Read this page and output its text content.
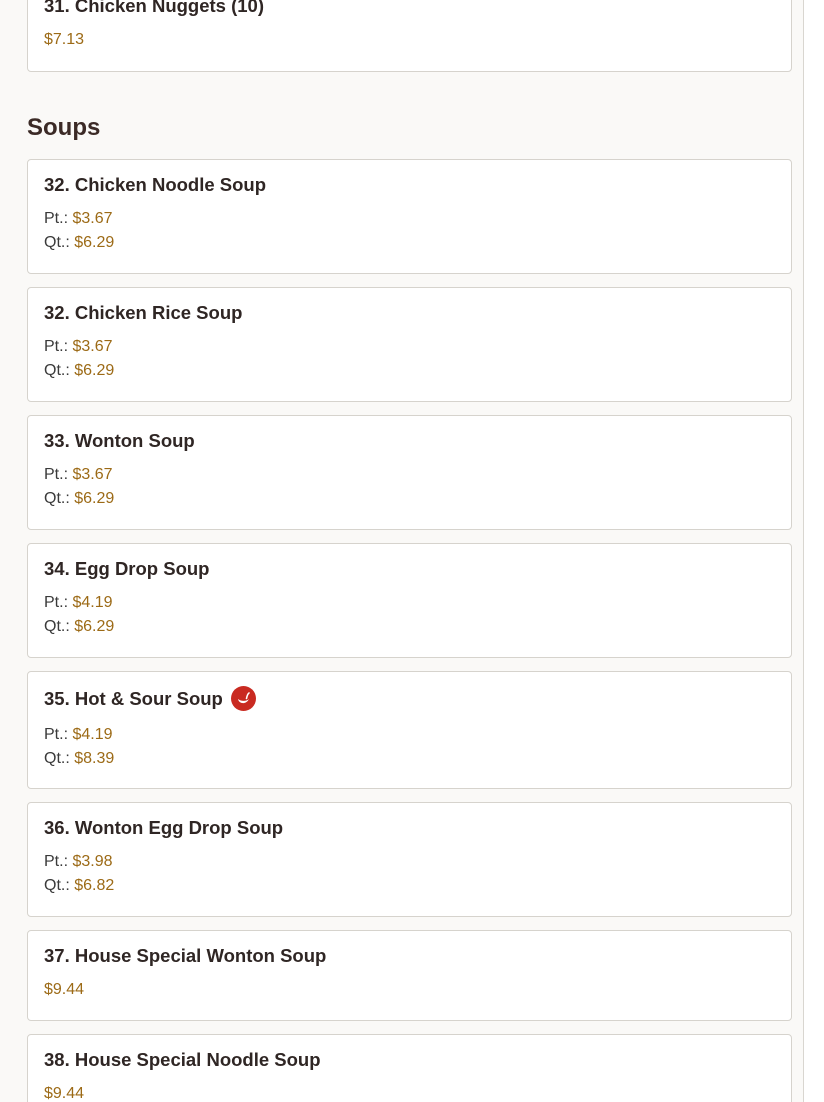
31. Chicken Nuggets (10)
$7.13
Soups
32. Chicken Noodle Soup
Pt.: $3.67
Qt.: $6.29
32. Chicken Rice Soup
Pt.: $3.67
Qt.: $6.29
33. Wonton Soup
Pt.: $3.67
Qt.: $6.29
34. Egg Drop Soup
Pt.: $4.19
Qt.: $6.29
35. Hot & Sour Soup
Pt.: $4.19
Qt.: $8.39
36. Wonton Egg Drop Soup
Pt.: $3.98
Qt.: $6.82
37. House Special Wonton Soup
$9.44
38. House Special Noodle Soup
$9.44
